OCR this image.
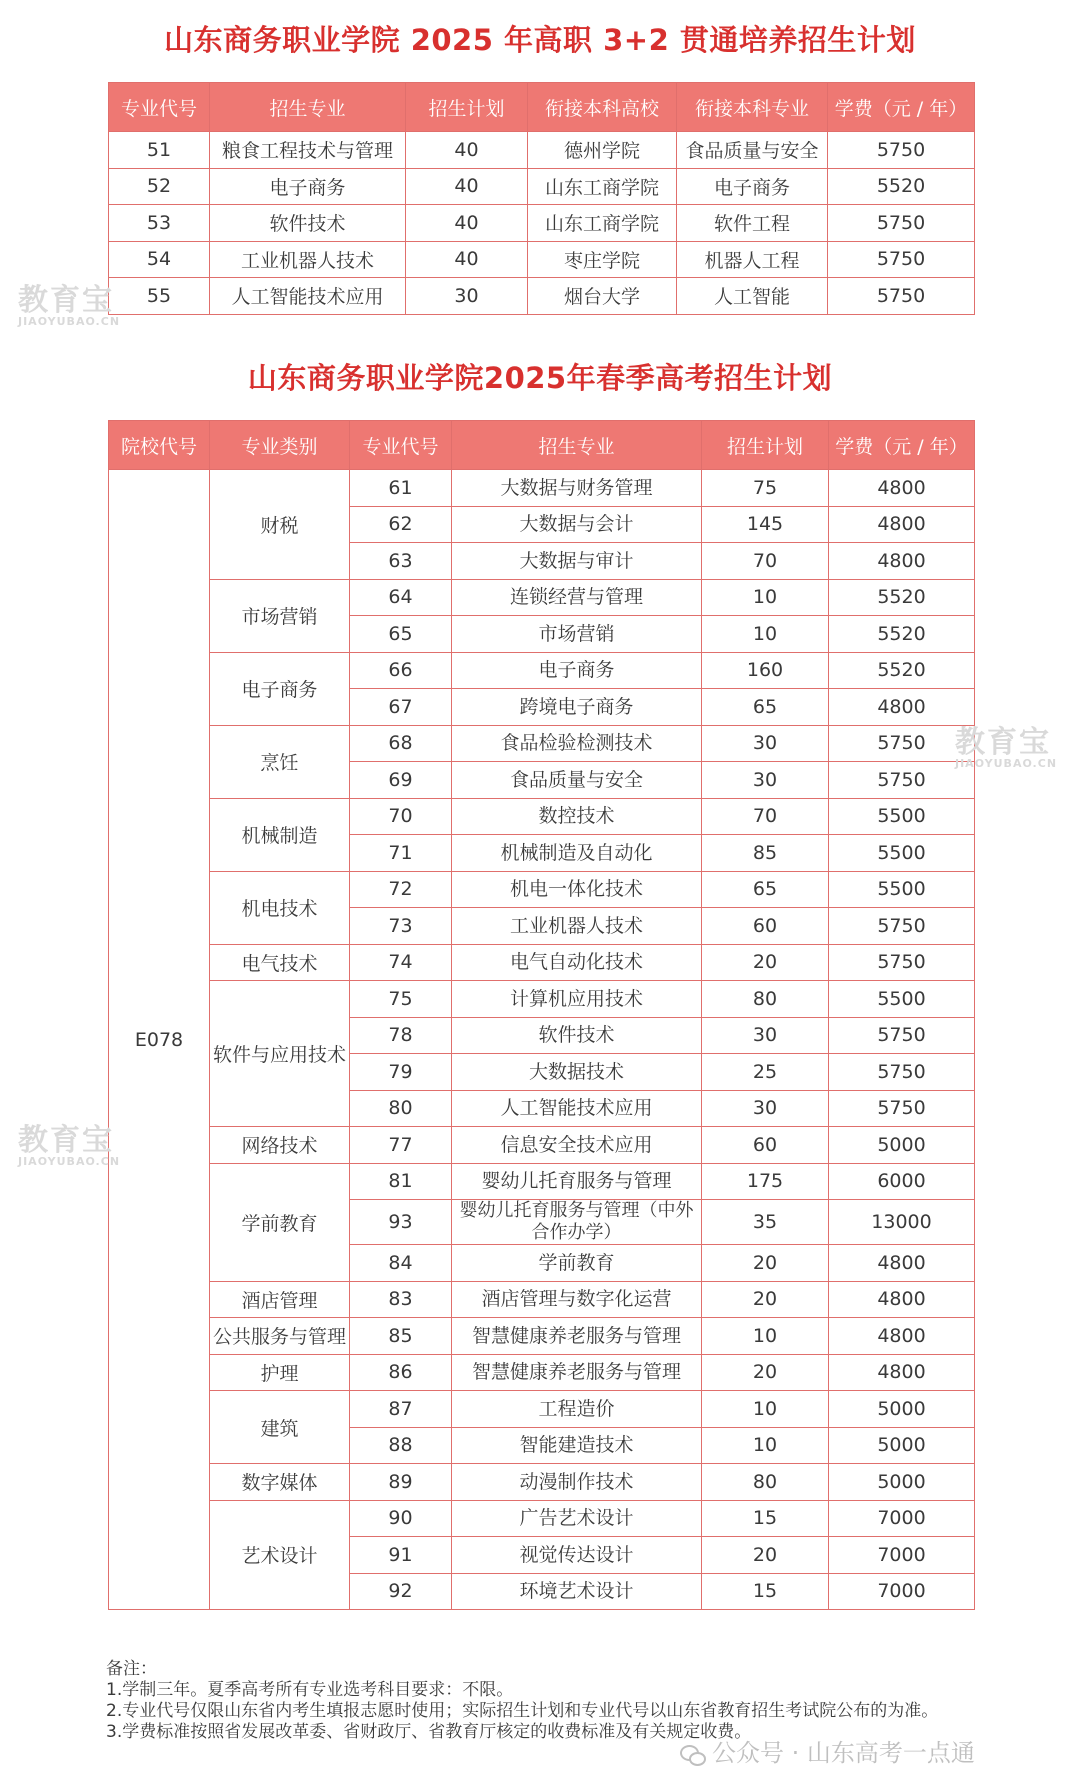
山东商务职业学院 2025 年高职 3+2 贯通培养招生计划
专业代号	招生专业	招生计划	衔接本科高校	衔接本科专业	学费（元 / 年）
51	粮食工程技术与管理	40	德州学院	食品质量与安全	5750
52	电子商务	40	山东工商学院	电子商务	5520
53	软件技术	40	山东工商学院	软件工程	5750
54	工业机器人技术	40	枣庄学院	机器人工程	5750
55	人工智能技术应用	30	烟台大学	人工智能	5750
山东商务职业学院2025年春季高考招生计划
院校代号	专业类别	专业代号	招生专业	招生计划	学费（元 / 年）
E078	财税	61	大数据与财务管理	75	4800
		62	大数据与会计	145	4800
		63	大数据与审计	70	4800
	市场营销	64	连锁经营与管理	10	5520
		65	市场营销	10	5520
	电子商务	66	电子商务	160	5520
		67	跨境电子商务	65	4800
	烹饪	68	食品检验检测技术	30	5750
		69	食品质量与安全	30	5750
	机械制造	70	数控技术	70	5500
		71	机械制造及自动化	85	5500
	机电技术	72	机电一体化技术	65	5500
		73	工业机器人技术	60	5750
	电气技术	74	电气自动化技术	20	5750
	软件与应用技术	75	计算机应用技术	80	5500
		78	软件技术	30	5750
		79	大数据技术	25	5750
		80	人工智能技术应用	30	5750
	网络技术	77	信息安全技术应用	60	5000
	学前教育	81	婴幼儿托育服务与管理	175	6000
		93	婴幼儿托育服务与管理（中外合作办学）	35	13000
		84	学前教育	20	4800
	酒店管理	83	酒店管理与数字化运营	20	4800
	公共服务与管理	85	智慧健康养老服务与管理	10	4800
	护理	86	智慧健康养老服务与管理	20	4800
	建筑	87	工程造价	10	5000
		88	智能建造技术	10	5000
	数字媒体	89	动漫制作技术	80	5000
	艺术设计	90	广告艺术设计	15	7000
		91	视觉传达设计	20	7000
		92	环境艺术设计	15	7000
备注：
1.学制三年。夏季高考所有专业选考科目要求：不限。
2.专业代号仅限山东省内考生填报志愿时使用；实际招生计划和专业代号以山东省教育招生考试院公布的为准。
3.学费标准按照省发展改革委、省财政厅、省教育厅核定的收费标准及有关规定收费。
教育宝
JIAOYUBAO.CN
教育宝
JIAOYUBAO.CN
教育宝
JIAOYUBAO.CN
公众号 · 山东高考一点通
